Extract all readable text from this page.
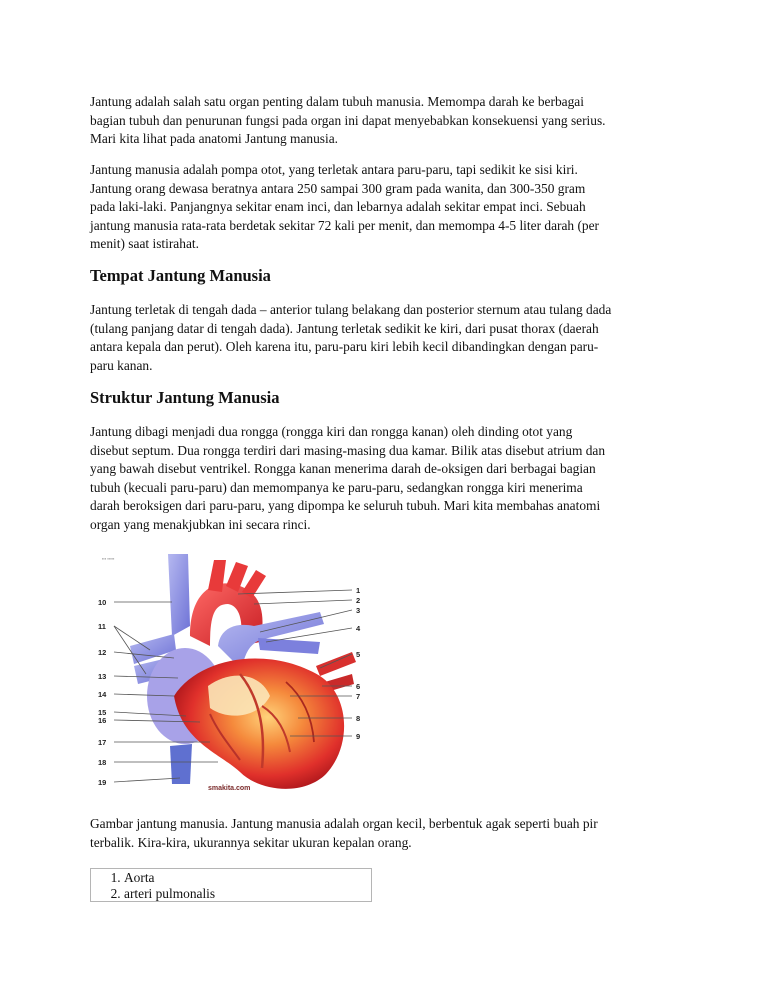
Jantung adalah salah satu organ penting dalam tubuh manusia. Memompa darah ke berbagai
bagian tubuh dan penurunan fungsi pada organ ini dapat menyebabkan konsekuensi yang serius.
Mari kita lihat pada anatomi Jantung manusia.

Jantung manusia adalah pompa otot, yang terletak antara paru-paru, tapi sedikit ke sisi kiri.
Jantung orang dewasa beratnya antara 250 sampai 300 gram pada wanita, dan 300-350 gram
pada laki-laki. Panjangnya sekitar enam inci, dan lebarnya adalah sekitar empat inci. Sebuah
jantung manusia rata-rata berdetak sekitar 72 kali per menit, dan memompa 4-5 liter darah (per
menit) saat istirahat.

Tempat Jantung Manusia

Jantung terletak di tengah dada – anterior tulang belakang dan posterior sternum atau tulang dada
(tulang panjang datar di tengah dada). Jantung terletak sedikit ke kiri, dari pusat thorax (daerah
antara kepala dan perut). Oleh karena itu, paru-paru kiri lebih kecil dibandingkan dengan paru-
paru kanan.

Struktur Jantung Manusia

Jantung dibagi menjadi dua rongga (rongga kiri dan rongga kanan) oleh dinding otot yang
disebut septum. Dua rongga terdiri dari masing-masing dua kamar. Bilik atas disebut atrium dan
yang bawah disebut ventrikel. Rongga kanan menerima darah de-oksigen dari berbagai bagian
tubuh (kecuali paru-paru) dan memompanya ke paru-paru, sedangkan rongga kiri menerima
darah beroksigen dari paru-paru, yang dipompa ke seluruh tubuh. Mari kita membahas anatomi
organ yang menakjubkan ini secara rinci.

smakita.com
▪▪▪ ▪▪▪▪▪
10
11
12
13
14
15
16
17
18
19
1
2
3
4
5
6
7
8
9

Gambar jantung manusia. Jantung manusia adalah organ kecil, berbentuk agak seperti buah pir
terbalik. Kira-kira, ukurannya sekitar ukuran kepalan orang.

1. Aorta
2. arteri pulmonalis
